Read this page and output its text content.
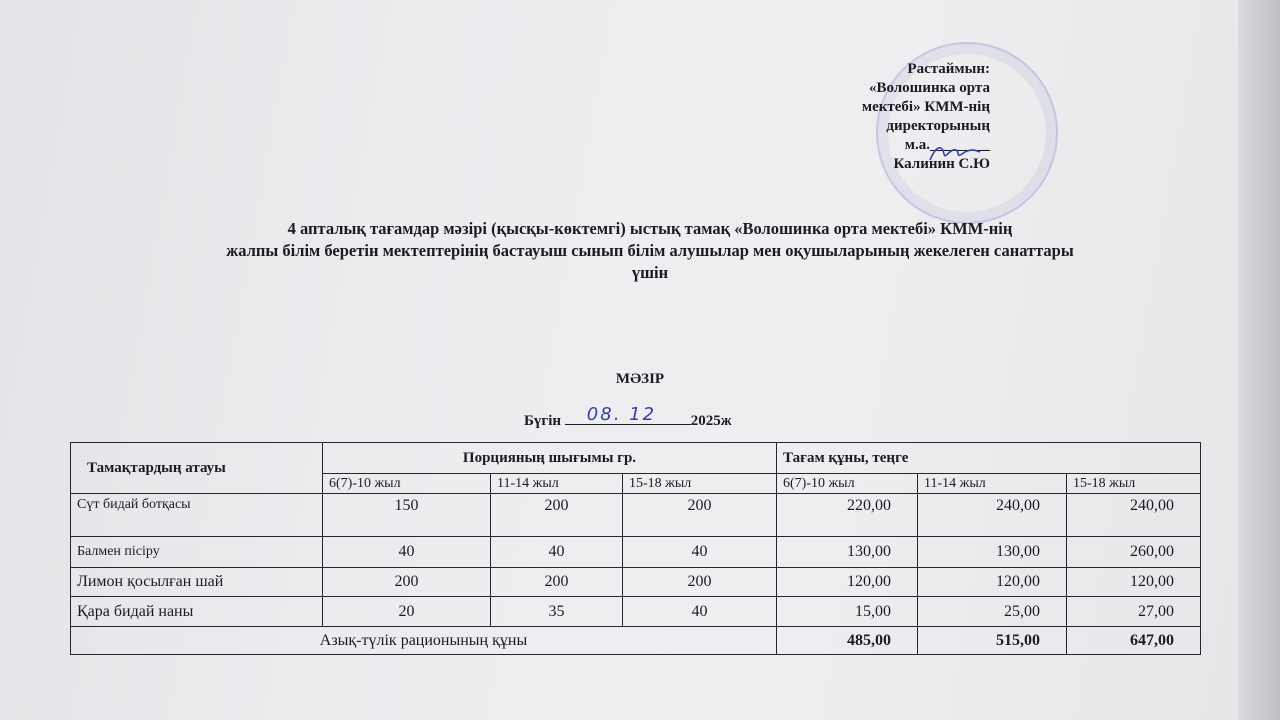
Растаймын:
«Волошинка орта
мектебі» КММ-нің
директорының
м.а.________
Калинин С.Ю
4 апталық тағамдар мәзірі (қысқы-көктемгі) ыстық тамақ «Волошинка орта мектебі» КММ-нің
жалпы білім беретін мектептерінің бастауыш сынып білім алушылар мен оқушыларының жекелеген санаттары
үшін
МӘЗІР
Бүгін 08. 12 2025ж
Тамақтардың атауы	Порцияның шығымы гр.			Тағам құны, теңге		
	6(7)-10 жыл	11-14 жыл	15-18 жыл	6(7)-10 жыл	11-14 жыл	15-18 жыл
Сүт бидай ботқасы	150	200	200	220,00	240,00	240,00
Балмен пісіру	40	40	40	130,00	130,00	260,00
Лимон қосылған шай	200	200	200	120,00	120,00	120,00
Қара бидай наны	20	35	40	15,00	25,00	27,00
Азық-түлік рационының құны				485,00	515,00	647,00
